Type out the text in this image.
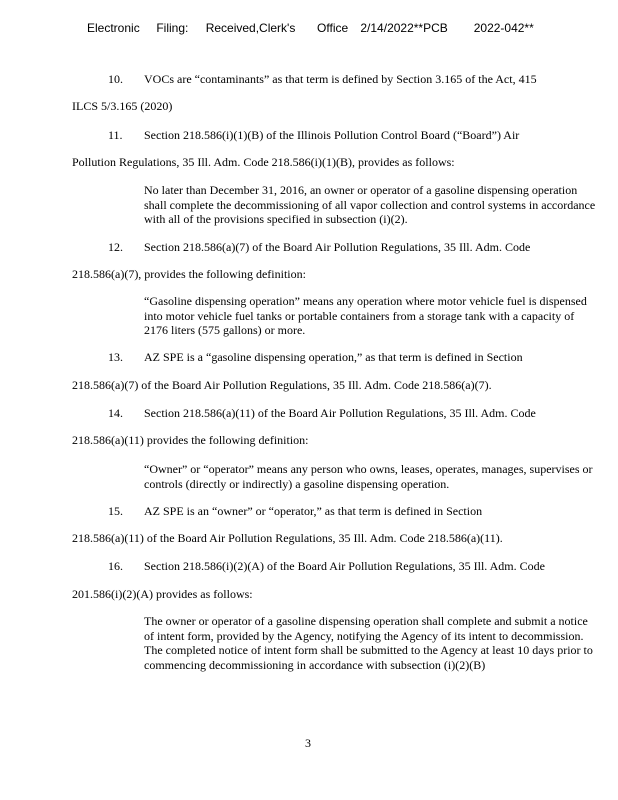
Electronic Filing: Received,Clerk's Office 2/14/2022**PCB 2022-042**
10. VOCs are “contaminants” as that term is defined by Section 3.165 of the Act, 415
ILCS 5/3.165 (2020)
11. Section 218.586(i)(1)(B) of the Illinois Pollution Control Board (“Board”) Air
Pollution Regulations, 35 Ill. Adm. Code 218.586(i)(1)(B), provides as follows:
No later than December 31, 2016, an owner or operator of a gasoline dispensing operation shall complete the decommissioning of all vapor collection and control systems in accordance with all of the provisions specified in subsection (i)(2).
12. Section 218.586(a)(7) of the Board Air Pollution Regulations, 35 Ill. Adm. Code
218.586(a)(7), provides the following definition:
“Gasoline dispensing operation” means any operation where motor vehicle fuel is dispensed into motor vehicle fuel tanks or portable containers from a storage tank with a capacity of 2176 liters (575 gallons) or more.
13. AZ SPE is a “gasoline dispensing operation,” as that term is defined in Section
218.586(a)(7) of the Board Air Pollution Regulations, 35 Ill. Adm. Code 218.586(a)(7).
14. Section 218.586(a)(11) of the Board Air Pollution Regulations, 35 Ill. Adm. Code
218.586(a)(11) provides the following definition:
“Owner” or “operator” means any person who owns, leases, operates, manages, supervises or controls (directly or indirectly) a gasoline dispensing operation.
15. AZ SPE is an “owner” or “operator,” as that term is defined in Section
218.586(a)(11) of the Board Air Pollution Regulations, 35 Ill. Adm. Code 218.586(a)(11).
16. Section 218.586(i)(2)(A) of the Board Air Pollution Regulations, 35 Ill. Adm. Code
201.586(i)(2)(A) provides as follows:
The owner or operator of a gasoline dispensing operation shall complete and submit a notice of intent form, provided by the Agency, notifying the Agency of its intent to decommission. The completed notice of intent form shall be submitted to the Agency at least 10 days prior to commencing decommissioning in accordance with subsection (i)(2)(B)
3
